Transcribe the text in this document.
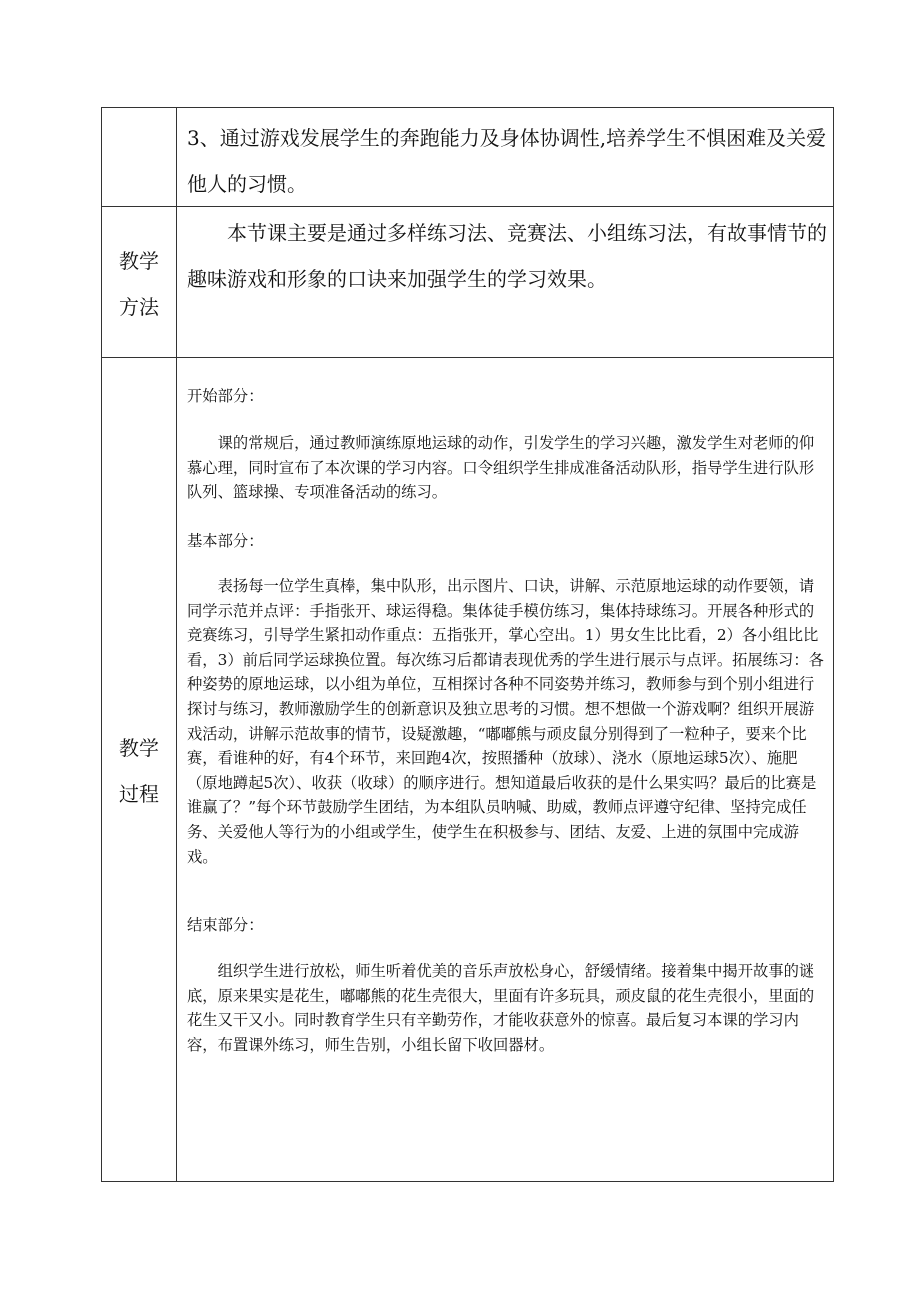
3、通过游戏发展学生的奔跑能力及身体协调性,培养学生不惧困难及关爱他人的习惯。

教学
方法

本节课主要是通过多样练习法、竞赛法、小组练习法，有故事情节的趣味游戏和形象的口诀来加强学生的学习效果。

教学
过程
开始部分：

课的常规后，通过教师演练原地运球的动作，引发学生的学习兴趣，激发学生对老师的仰慕心理，同时宣布了本次课的学习内容。口令组织学生排成准备活动队形，指导学生进行队形队列、篮球操、专项准备活动的练习。

基本部分：

表扬每一位学生真棒，集中队形，出示图片、口诀，讲解、示范原地运球的动作要领，请同学示范并点评：手指张开、球运得稳。集体徒手模仿练习，集体持球练习。开展各种形式的竞赛练习，引导学生紧扣动作重点：五指张开，掌心空出。1）男女生比比看，2）各小组比比看，3）前后同学运球换位置。每次练习后都请表现优秀的学生进行展示与点评。拓展练习：各种姿势的原地运球，以小组为单位，互相探讨各种不同姿势并练习，教师参与到个别小组进行探讨与练习，教师激励学生的创新意识及独立思考的习惯。想不想做一个游戏啊？组织开展游戏活动，讲解示范故事的情节，设疑激趣，“嘟嘟熊与顽皮鼠分别得到了一粒种子，要来个比赛，看谁种的好，有4个环节，来回跑4次，按照播种（放球）、浇水（原地运球5次）、施肥（原地蹲起5次）、收获（收球）的顺序进行。想知道最后收获的是什么果实吗？最后的比赛是谁赢了？”每个环节鼓励学生团结，为本组队员呐喊、助威，教师点评遵守纪律、坚持完成任务、关爱他人等行为的小组或学生，使学生在积极参与、团结、友爱、上进的氛围中完成游戏。

结束部分：

组织学生进行放松，师生听着优美的音乐声放松身心，舒缓情绪。接着集中揭开故事的谜底，原来果实是花生，嘟嘟熊的花生壳很大，里面有许多玩具，顽皮鼠的花生壳很小，里面的花生又干又小。同时教育学生只有辛勤劳作，才能收获意外的惊喜。最后复习本课的学习内容，布置课外练习，师生告别，小组长留下收回器材。
